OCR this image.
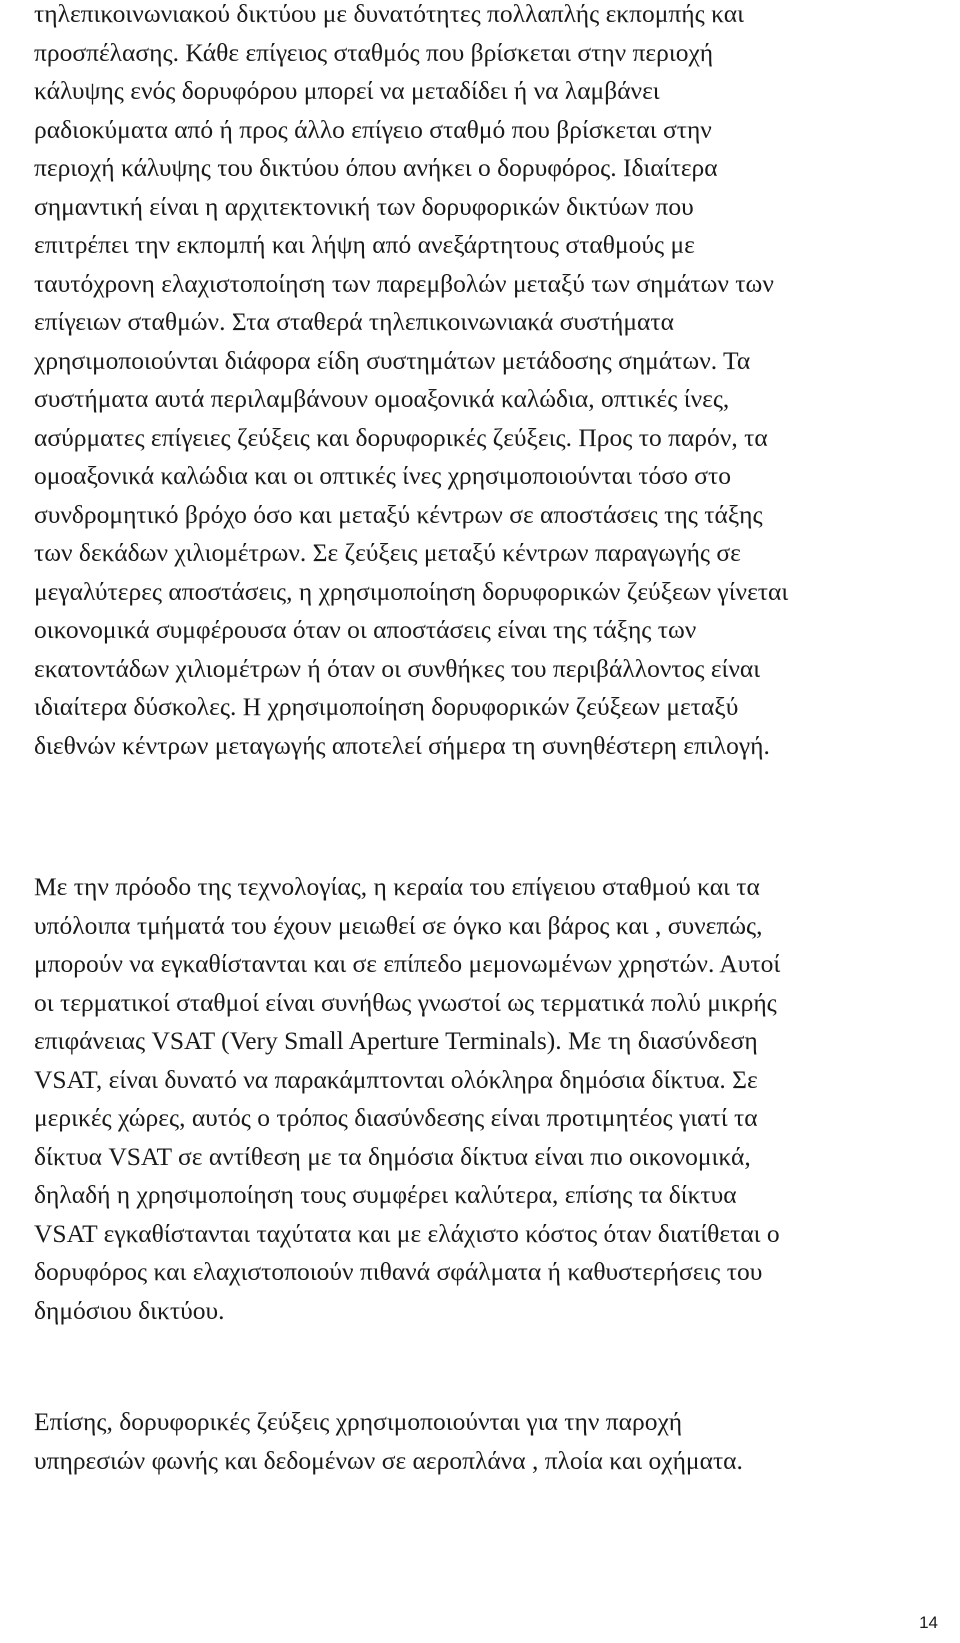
τηλεπικοινωνιακού δικτύου με δυνατότητες πολλαπλής εκπομπής και
προσπέλασης. Κάθε επίγειος σταθμός που βρίσκεται στην περιοχή
κάλυψης ενός δορυφόρου μπορεί να μεταδίδει ή να λαμβάνει
ραδιοκύματα από ή προς άλλο επίγειο σταθμό που βρίσκεται στην
περιοχή κάλυψης του δικτύου όπου ανήκει ο δορυφόρος. Ιδιαίτερα
σημαντική είναι η αρχιτεκτονική των δορυφορικών δικτύων που
επιτρέπει την εκπομπή και λήψη από ανεξάρτητους σταθμούς με
ταυτόχρονη ελαχιστοποίηση των παρεμβολών μεταξύ των σημάτων των
επίγειων σταθμών. Στα σταθερά τηλεπικοινωνιακά συστήματα
χρησιμοποιούνται διάφορα είδη συστημάτων μετάδοσης σημάτων. Τα
συστήματα αυτά περιλαμβάνουν ομοαξονικά καλώδια, οπτικές ίνες,
ασύρματες επίγειες ζεύξεις και δορυφορικές ζεύξεις. Προς το παρόν, τα
ομοαξονικά καλώδια και οι οπτικές ίνες χρησιμοποιούνται τόσο στο
συνδρομητικό βρόχο όσο και μεταξύ κέντρων σε αποστάσεις της τάξης
των δεκάδων χιλιομέτρων. Σε ζεύξεις μεταξύ κέντρων παραγωγής σε
μεγαλύτερες αποστάσεις, η χρησιμοποίηση δορυφορικών ζεύξεων γίνεται
οικονομικά συμφέρουσα όταν οι αποστάσεις είναι της τάξης των
εκατοντάδων χιλιομέτρων ή όταν οι συνθήκες του περιβάλλοντος είναι
ιδιαίτερα δύσκολες. Η χρησιμοποίηση δορυφορικών ζεύξεων μεταξύ
διεθνών κέντρων μεταγωγής αποτελεί σήμερα τη συνηθέστερη επιλογή.

Με την πρόοδο της τεχνολογίας, η κεραία του επίγειου σταθμού και τα
υπόλοιπα τμήματά του έχουν μειωθεί σε όγκο και βάρος και , συνεπώς,
μπορούν να εγκαθίστανται και σε επίπεδο μεμονωμένων χρηστών. Αυτοί
οι τερματικοί σταθμοί είναι συνήθως γνωστοί ως τερματικά πολύ μικρής
επιφάνειας VSAT (Very Small Aperture Terminals). Με τη διασύνδεση
VSAT, είναι δυνατό να παρακάμπτονται ολόκληρα δημόσια δίκτυα. Σε
μερικές χώρες, αυτός ο τρόπος διασύνδεσης είναι προτιμητέος γιατί τα
δίκτυα VSAT σε αντίθεση με τα δημόσια δίκτυα είναι πιο οικονομικά,
δηλαδή η χρησιμοποίηση τους συμφέρει καλύτερα, επίσης τα δίκτυα
VSAT εγκαθίστανται ταχύτατα και με ελάχιστο κόστος όταν διατίθεται ο
δορυφόρος και ελαχιστοποιούν πιθανά σφάλματα ή καθυστερήσεις του
δημόσιου δικτύου.

Επίσης, δορυφορικές ζεύξεις χρησιμοποιούνται για την παροχή
υπηρεσιών φωνής και δεδομένων σε αεροπλάνα , πλοία και οχήματα.

14
